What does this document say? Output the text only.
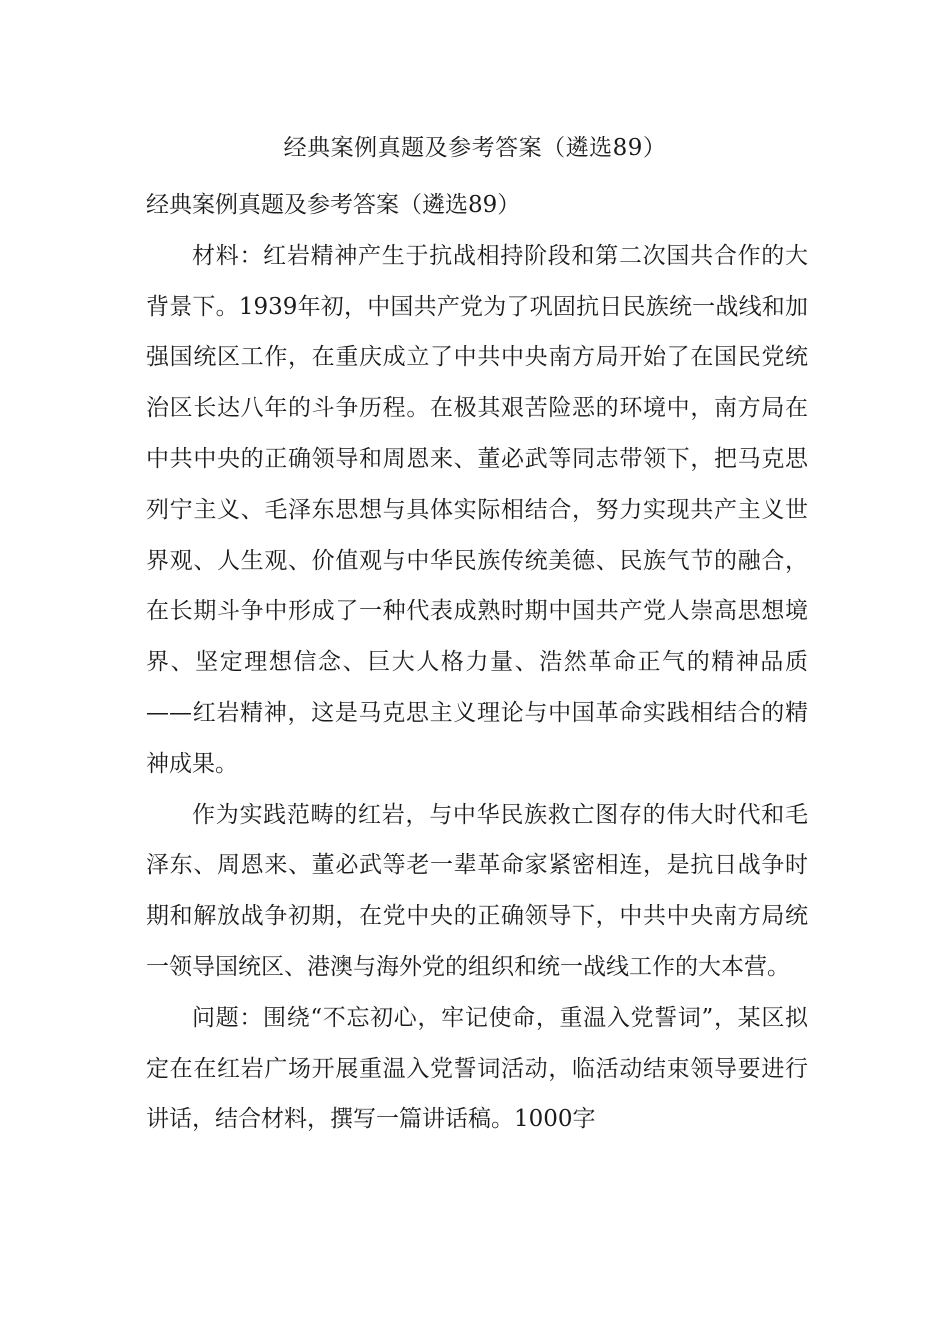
经典案例真题及参考答案（遴选89）

经典案例真题及参考答案（遴选89）

材料：红岩精神产生于抗战相持阶段和第二次国共合作的大背景下。1939年初，中国共产党为了巩固抗日民族统一战线和加强国统区工作，在重庆成立了中共中央南方局开始了在国民党统治区长达八年的斗争历程。在极其艰苦险恶的环境中，南方局在中共中央的正确领导和周恩来、董必武等同志带领下，把马克思列宁主义、毛泽东思想与具体实际相结合，努力实现共产主义世界观、人生观、价值观与中华民族传统美德、民族气节的融合，在长期斗争中形成了一种代表成熟时期中国共产党人崇高思想境界、坚定理想信念、巨大人格力量、浩然革命正气的精神品质——红岩精神，这是马克思主义理论与中国革命实践相结合的精神成果。

作为实践范畴的红岩，与中华民族救亡图存的伟大时代和毛泽东、周恩来、董必武等老一辈革命家紧密相连，是抗日战争时期和解放战争初期，在党中央的正确领导下，中共中央南方局统一领导国统区、港澳与海外党的组织和统一战线工作的大本营。

问题：围绕“不忘初心，牢记使命，重温入党誓词”，某区拟定在在红岩广场开展重温入党誓词活动，临活动结束领导要进行讲话，结合材料，撰写一篇讲话稿。1000字
